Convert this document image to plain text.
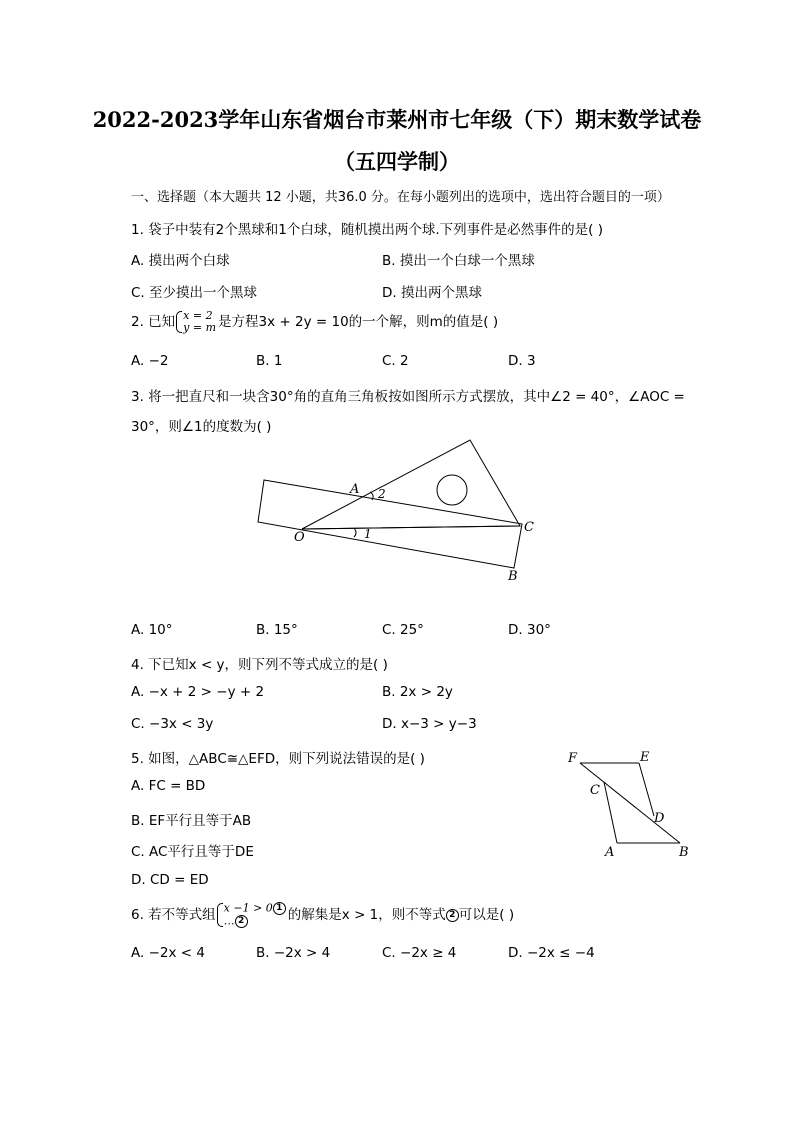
2022-2023学年山东省烟台市莱州市七年级（下）期末数学试卷
（五四学制）
一、选择题（本大题共 12 小题，共36.0 分。在每小题列出的选项中，选出符合题目的一项）
1. 袋子中装有2个黑球和1个白球，随机摸出两个球.下列事件是必然事件的是( )
A. 摸出两个白球	B. 摸出一个白球一个黑球
C. 至少摸出一个黑球	D. 摸出两个黑球
2. 已知 x = 2
y = m 是方程3x + 2y = 10的一个解，则m的值是( )
A. −2	B. 1	C. 2	D. 3
3. 将一把直尺和一块含30°角的直角三角板按如图所示方式摆放，其中∠2 = 40°，∠AOC =
30°，则∠1的度数为( )
A 2
O	1	C
B
A. 10°	B. 15°	C. 25°	D. 30°
4. 下已知x < y，则下列不等式成立的是( )
A. −x + 2 > −y + 2	B. 2x > 2y
C. −3x < 3y	D. x−3 > y−3
5. 如图，△ABC≅△EFD，则下列说法错误的是( )
A. FC = BD
B. EF平行且等于AB
C. AC平行且等于DE
D. CD = ED
F	E
C
D
A	B
6. 若不等式组 x −1 > 0 1
… 2	的解集是x > 1，则不等式 2 可以是( )
A. −2x < 4	B. −2x > 4	C. −2x ≥ 4	D. −2x ≤ −4
